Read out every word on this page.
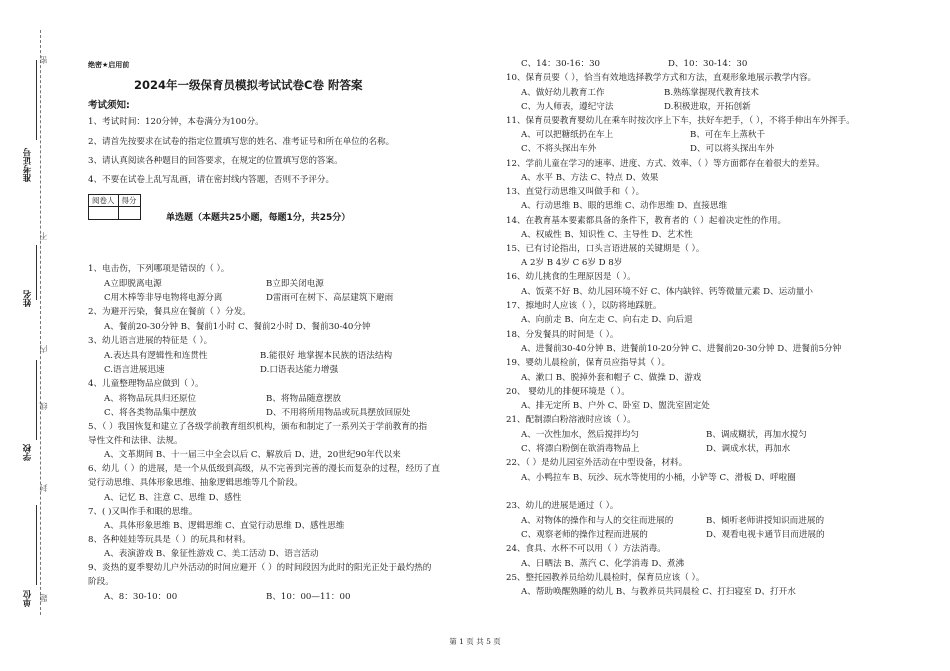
密
不
内
线
封
题
准考证号
姓名
学校
单位
绝密★启用前
2024年一级保育员模拟考试试卷C卷 附答案
考试须知:
1、考试时间：120分钟，本卷满分为100分。
2、请首先按要求在试卷的指定位置填写您的姓名、准考证号和所在单位的名称。
3、请认真阅读各种题目的回答要求，在规定的位置填写您的答案。
4、不要在试卷上乱写乱画，请在密封线内答题，否则不予评分。
阅卷人	得分

单选题（本题共25小题，每题1分，共25分）
1、电击伤，下列哪项是错误的（ ）。
A立即脱离电源	B立即关闭电源
C用木棒等非导电物将电源分离	D雷雨可在树下、高层建筑下避雨
2、为避开污染，餐具应在餐前（ ）分发。
A、餐前20-30分钟 B、餐前1小时 C、餐前2小时 D、餐前30-40分钟
3、幼儿语言进展的特征是（ ）。
A.表达具有逻辑性和连贯性	B.能很好 地掌握本民族的语法结构
C.语言进展迅速	D.口语表达能力增强
4、儿童整理物品应做到（ ）。
A、将物品玩具归还原位	B、将物品随意摆放
C、将各类物品集中摆放	D、不用将所用物品或玩具摆放回原处
5、（ ）我国恢复和建立了各级学前教育组织机构，颁布和制定了一系列关于学前教育的指
导性文件和法律、法规。
A、文革期间 B、十一届三中全会以后 C、解放后 D、进，20世纪90年代以来
6、幼儿（ ）的进展，是一个从低级到高级，从不完善到完善的漫长而复杂的过程，经历了直
觉行动思维、具体形象思维、抽象逻辑思维等几个阶段。
A、记忆 B、注意 C、思维 D、感性
7、( )又叫作手和眼的思维。
A、具体形象思维 B、逻辑思维 C、直觉行动思维 D、感性思维
8、各种娃娃等玩具是（ ）的玩具和材料。
A、表演游戏 B、象征性游戏 C、美工活动 D、语言活动
9、炎热的夏季婴幼儿户外活动的时间应避开（ ）的时间段因为此时的阳光正处于最灼热的
阶段。
A、8：30-10：00	B、10：00—11：00
C、14：30-16：30	D、10：30-14：30
10、保育员要（ ），恰当有效地选择教学方式和方法，直观形象地展示教学内容。
A、做好幼儿教育工作	B.熟练掌握现代教育技术
C、为人师表，遵纪守法	D.积极进取，开拓创新
11、保育员要教育婴幼儿在乘车时按次序上下车，扶好车把手，（ ），不将手伸出车外挥手。
A、可以把糖纸扔在车上	B、可在车上蒸秋千
C、不将头探出车外	D、可以将头探出车外
12、学前儿童在学习的速率、进度、方式、效率、（ ）等方面都存在着很大的差异。
A、水平 B、方法 C、特点 D、效果
13、直觉行动思维又叫做手和（ ）。
A、行动思维 B、眼的思维 C、动作思维 D、直接思维
14、在教育基本要素都具备的条件下，教育者的（ ）起着决定性的作用。
A、权威性 B、知识性 C、主导性 D、艺术性
15、已有讨论指出，口头言语进展的关键期是（ ）。
A 2岁 B 4岁 C 6岁 D 8岁
16、幼儿挑食的生理原因是（ ）。
A、饭菜不好 B、幼儿园环境不好 C、体内缺锌、钙等微量元素 D、运动量小
17、擦地时人应该（ ），以防将地踩脏。
A、向前走 B、向左走 C、向右走 D、向后退
18、分发餐具的时间是（ ）。
A、进餐前30-40分钟 B、进餐前10-20分钟 C、进餐前20-30分钟 D、进餐前5分钟
19、婴幼儿晨检前，保育员应指导其（ ）。
A、漱口 B、脱掉外套和帽子 C、做操 D、游戏
20、 婴幼儿的排便环境是（ ）。
A、排无定所 B、户外 C、卧室 D、盥洗室固定处
21、配制漂白粉溶液时应该（ ）。
A、一次性加水，然后搅拌均匀	B、调成糊状，再加水搅匀
C、将漂白粉倒在欲消毒物品上	D、调成水状，再加水
22、（ ）是幼儿园室外活动在中型设备，材料。
A、小鸭拉车 B、玩沙、玩水等使用的小桶，小铲等 C、滑板 D、呼啦圈
23、幼儿的进展是通过（ ）。
A、对物体的操作和与人的交往而进展的	B、倾听老师讲授知识而进展的
C、观察老师的操作过程而进展的	D、观看电视卡通节目而进展的
24、食具、水杯不可以用（ ）方法消毒。
A、日晒法 B、蒸汽 C、化学消毒 D、煮沸
25、整托园教养员给幼儿晨检时，保育员应该（ ）。
A、帮助唤醒熟睡的幼儿 B、与教养员共同晨检 C、打扫寝室 D、打开水
第 1 页 共 5 页
